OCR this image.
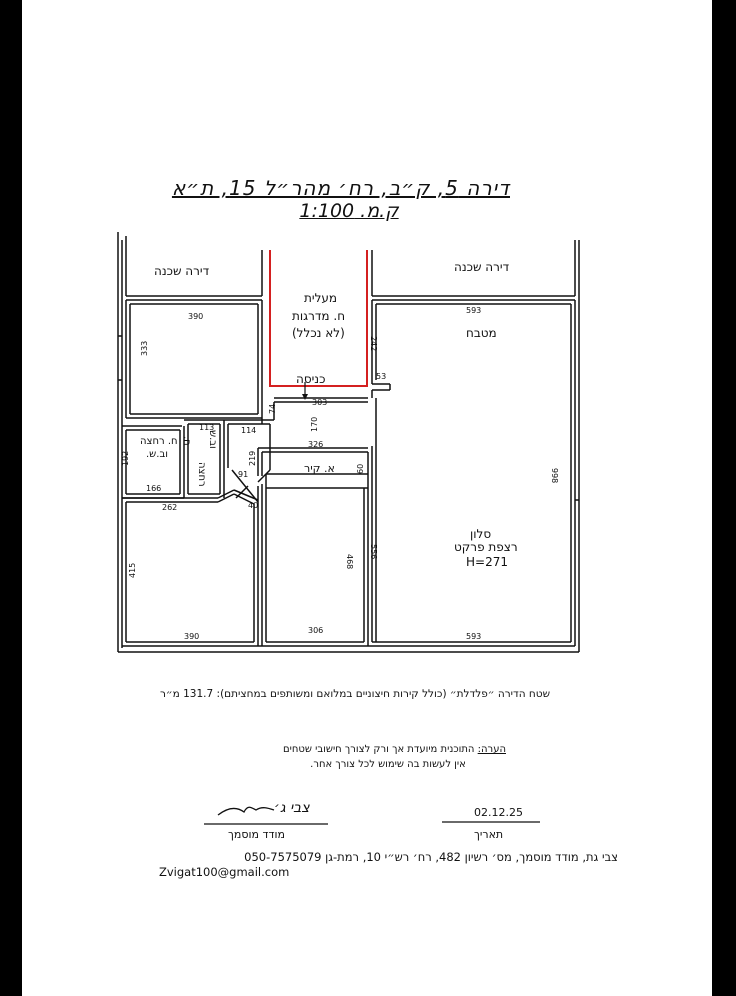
דירה 5, ק״ב, רח׳ מהר״ל 15, ת״א
ק.מ. 1:100
דירה שכנה	דירה שכנה
מעלית
ח. מדרגות
(לא נכלל)
כניסה
מטבח
ח. רחצה
וב.ש.
ח.
רחצה
וב.ש
א. קיר
סלון
רצפת פרקט
H=271
390
333
593
242
53
303
74
170
113	114
326
192	219
91
60
166
262	40
998
415
468
556
390
306
593
שטח הדירה ״פלדלת״ (כולל קירות חיצוניים במלואם ומשותפים במחציתם): 131.7 מ״ר
הערה: התוכנית מיועדת אך ורק לצורך חישובי שטחים
אין לעשות בה שימוש לכל צורך אחר.
צבי ג׳	02.12.25
תאריך
מודד מוסמך
צבי גת, מודד מוסמך, מס׳ רשיון 482, רח׳ רש״י 10, רמת-גן 050-7575079
Zvigat100@gmail.com
